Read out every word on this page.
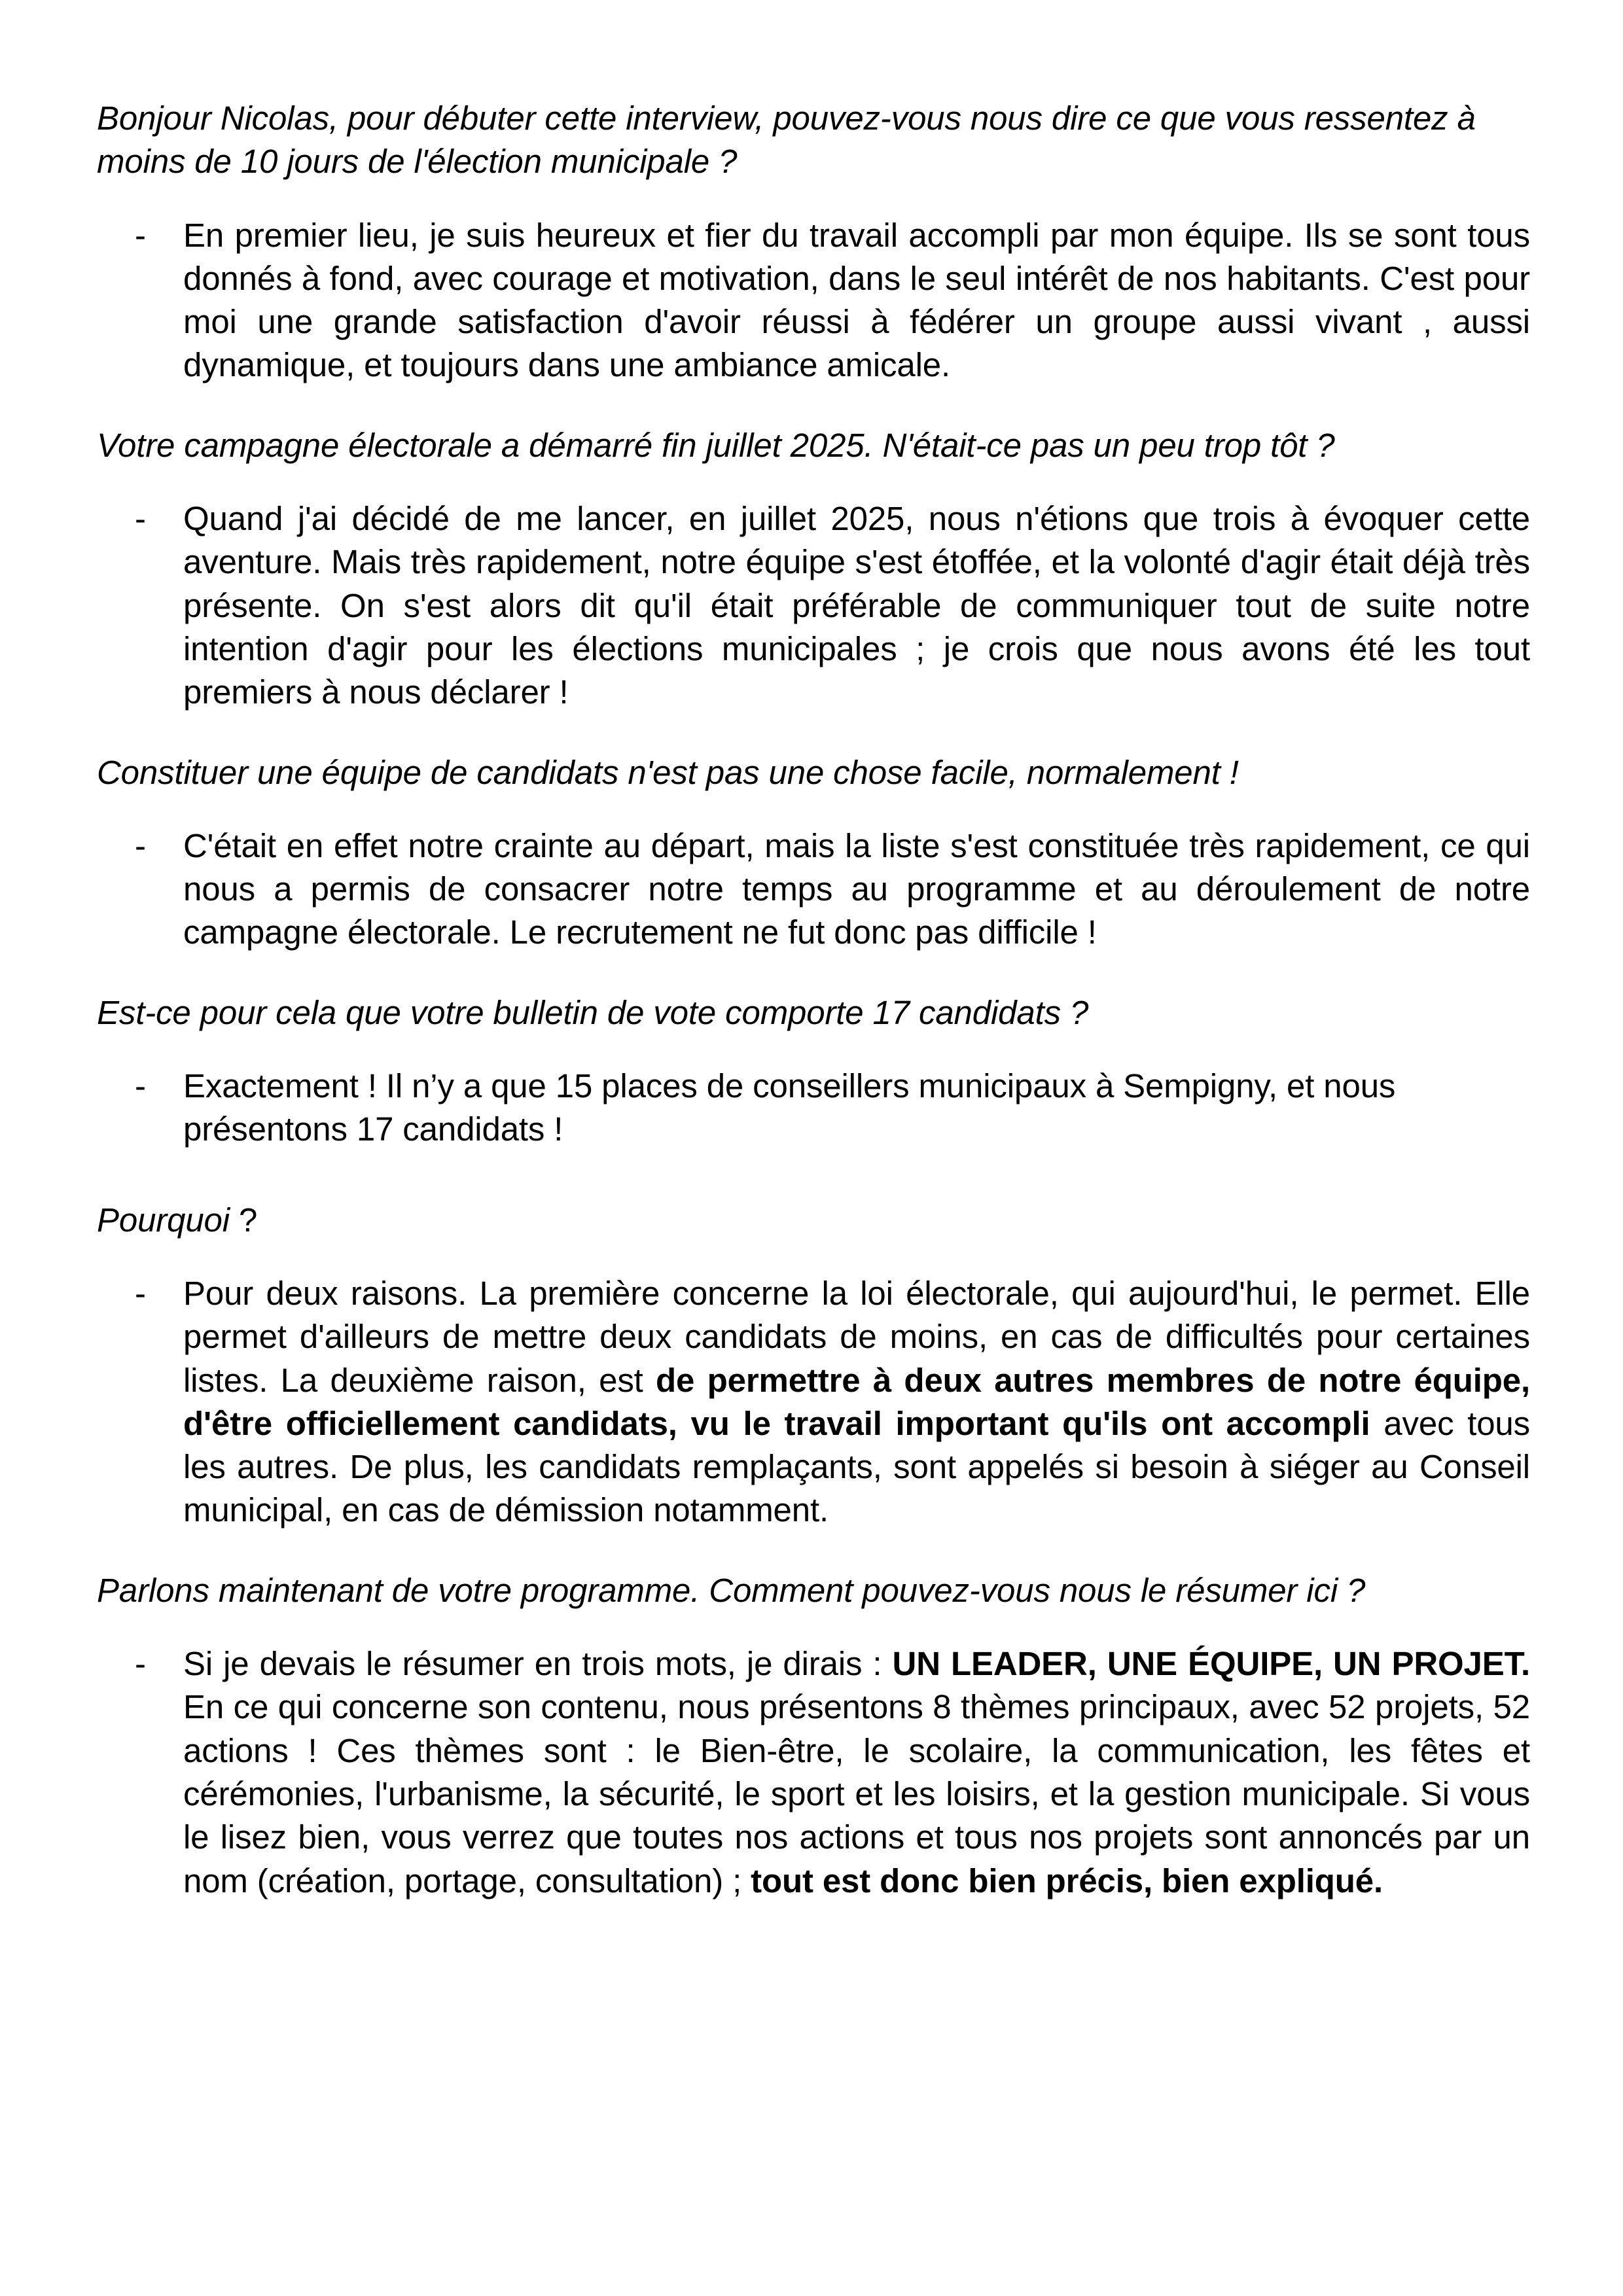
Bonjour Nicolas, pour débuter cette interview, pouvez-vous nous dire ce que vous ressentez à moins de 10 jours de l'élection municipale ?

-	En premier lieu, je suis heureux et fier du travail accompli par mon équipe. Ils se sont tous donnés à fond, avec courage et motivation, dans le seul intérêt de nos habitants. C'est pour moi une grande satisfaction d'avoir réussi à fédérer un groupe aussi vivant , aussi dynamique, et toujours dans une ambiance amicale.

Votre campagne électorale a démarré fin juillet 2025. N'était-ce pas un peu trop tôt ?

-	Quand j'ai décidé de me lancer, en juillet 2025, nous n'étions que trois à évoquer cette aventure. Mais très rapidement, notre équipe s'est étoffée, et la volonté d'agir était déjà très présente. On s'est alors dit qu'il était préférable de communiquer tout de suite notre intention d'agir pour les élections municipales ; je crois que nous avons été les tout premiers à nous déclarer !

Constituer une équipe de candidats n'est pas une chose facile, normalement !

-	C'était en effet notre crainte au départ, mais la liste s'est constituée très rapidement, ce qui nous a permis de consacrer notre temps au programme et au déroulement de notre campagne électorale. Le recrutement ne fut donc pas difficile !

Est-ce pour cela que votre bulletin de vote comporte 17 candidats ?

-	Exactement ! Il n’y a que 15 places de conseillers municipaux à Sempigny, et nous présentons 17 candidats !

Pourquoi ?

-	Pour deux raisons. La première concerne la loi électorale, qui aujourd'hui, le permet. Elle permet d'ailleurs de mettre deux candidats de moins, en cas de difficultés pour certaines listes. La deuxième raison, est de permettre à deux autres membres de notre équipe, d'être officiellement candidats, vu le travail important qu'ils ont accompli avec tous les autres. De plus, les candidats remplaçants, sont appelés si besoin à siéger au Conseil municipal, en cas de démission notamment.

Parlons maintenant de votre programme. Comment pouvez-vous nous le résumer ici ?

-	Si je devais le résumer en trois mots, je dirais : UN LEADER, UNE ÉQUIPE, UN PROJET. En ce qui concerne son contenu, nous présentons 8 thèmes principaux, avec 52 projets, 52 actions ! Ces thèmes sont : le Bien-être, le scolaire, la communication, les fêtes et cérémonies, l'urbanisme, la sécurité, le sport et les loisirs, et la gestion municipale. Si vous le lisez bien, vous verrez que toutes nos actions et tous nos projets sont annoncés par un nom (création, portage, consultation) ; tout est donc bien précis, bien expliqué.
